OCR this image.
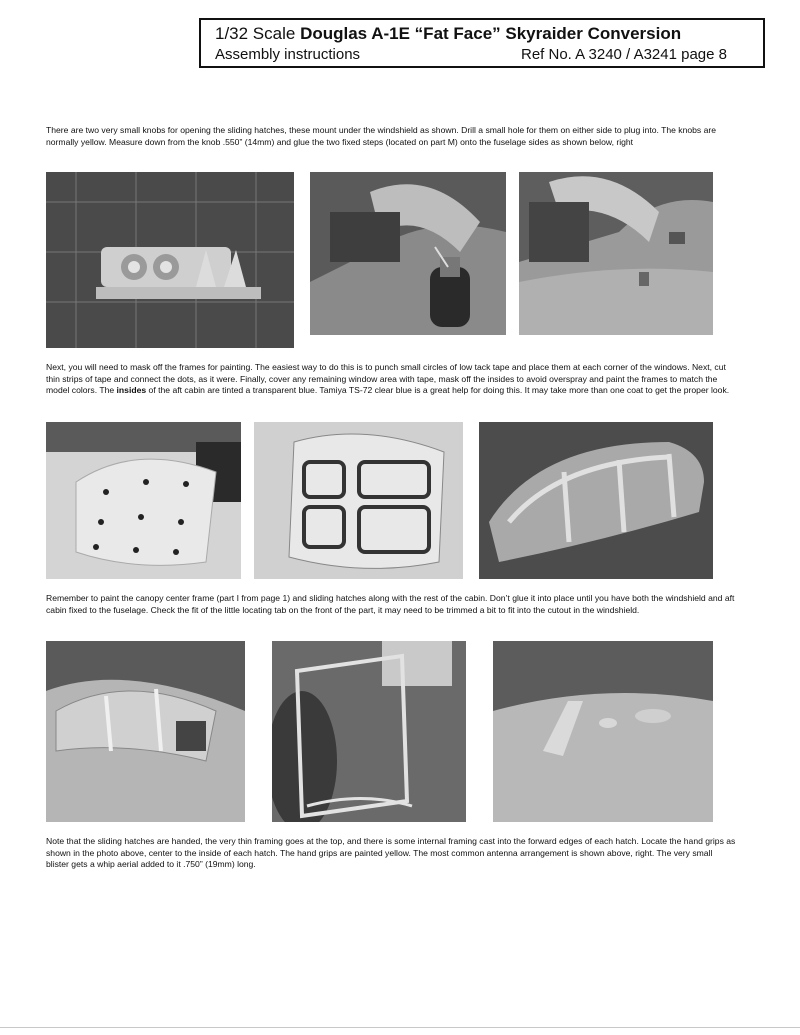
1/32 Scale Douglas A-1E “Fat Face” Skyraider Conversion
Assembly instructions	Ref No. A 3240 / A3241 page 8

There are two very small knobs for opening the sliding hatches, these mount under the windshield as shown. Drill a small hole for them on either side to plug into. The knobs are normally yellow. Measure down from the knob .550” (14mm) and glue the two fixed steps (located on part M) onto the fuselage sides as shown below, right

Next, you will need to mask off the frames for painting. The easiest way to do this is to punch small circles of low tack tape and place them at each corner of the windows. Next, cut thin strips of tape and connect the dots, as it were. Finally, cover any remaining window area with tape, mask off the insides to avoid overspray and paint the frames to match the model colors. The insides of the aft cabin are tinted a transparent blue. Tamiya TS-72 clear blue is a great help for doing this. It may take more than one coat to get the proper look.

Remember to paint the canopy center frame (part I from page 1) and sliding hatches along with the rest of the cabin. Don’t glue it into place until you have both the windshield and aft cabin fixed to the fuselage. Check the fit of the little locating tab on the front of the part, it may need to be trimmed a bit to fit into the cutout in the windshield.

Note that the sliding hatches are handed, the very thin framing goes at the top, and there is some internal framing cast into the forward edges of each hatch. Locate the hand grips as shown in the photo above, center to the inside of each hatch. The hand grips are painted yellow. The most common antenna arrangement is shown above, right. The very small blister gets a whip aerial added to it .750” (19mm) long.
